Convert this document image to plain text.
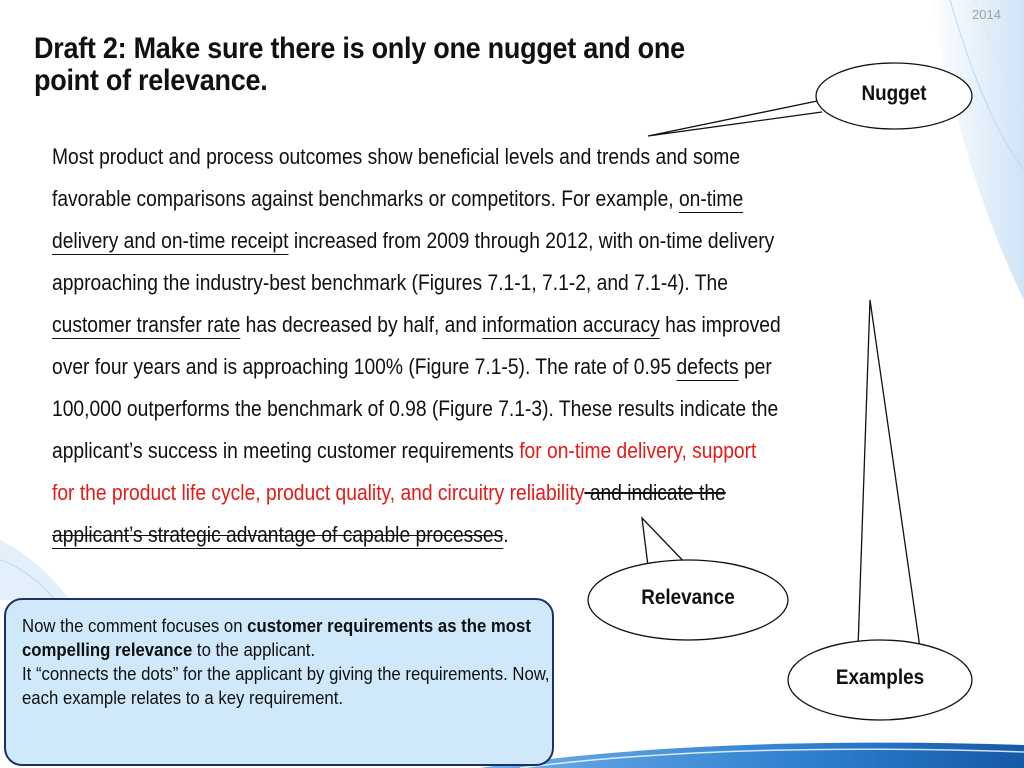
2014
Draft 2: Make sure there is only one nugget and one
point of relevance.
Most product and process outcomes show beneficial levels and trends and some
favorable comparisons against benchmarks or competitors. For example, on-time
delivery and on-time receipt increased from 2009 through 2012, with on-time delivery
approaching the industry-best benchmark (Figures 7.1-1, 7.1-2, and 7.1-4). The
customer transfer rate has decreased by half, and information accuracy has improved
over four years and is approaching 100% (Figure 7.1-5). The rate of 0.95 defects per
100,000 outperforms the benchmark of 0.98 (Figure 7.1-3). These results indicate the
applicant’s success in meeting customer requirements for on-time delivery, support
for the product life cycle, product quality, and circuitry reliability and indicate the
applicant’s strategic advantage of capable processes.
Nugget
Relevance
Examples

Now the comment focuses on customer requirements as the most compelling relevance to the applicant.

It “connects the dots” for the applicant by giving the requirements. Now, each example relates to a key requirement.
